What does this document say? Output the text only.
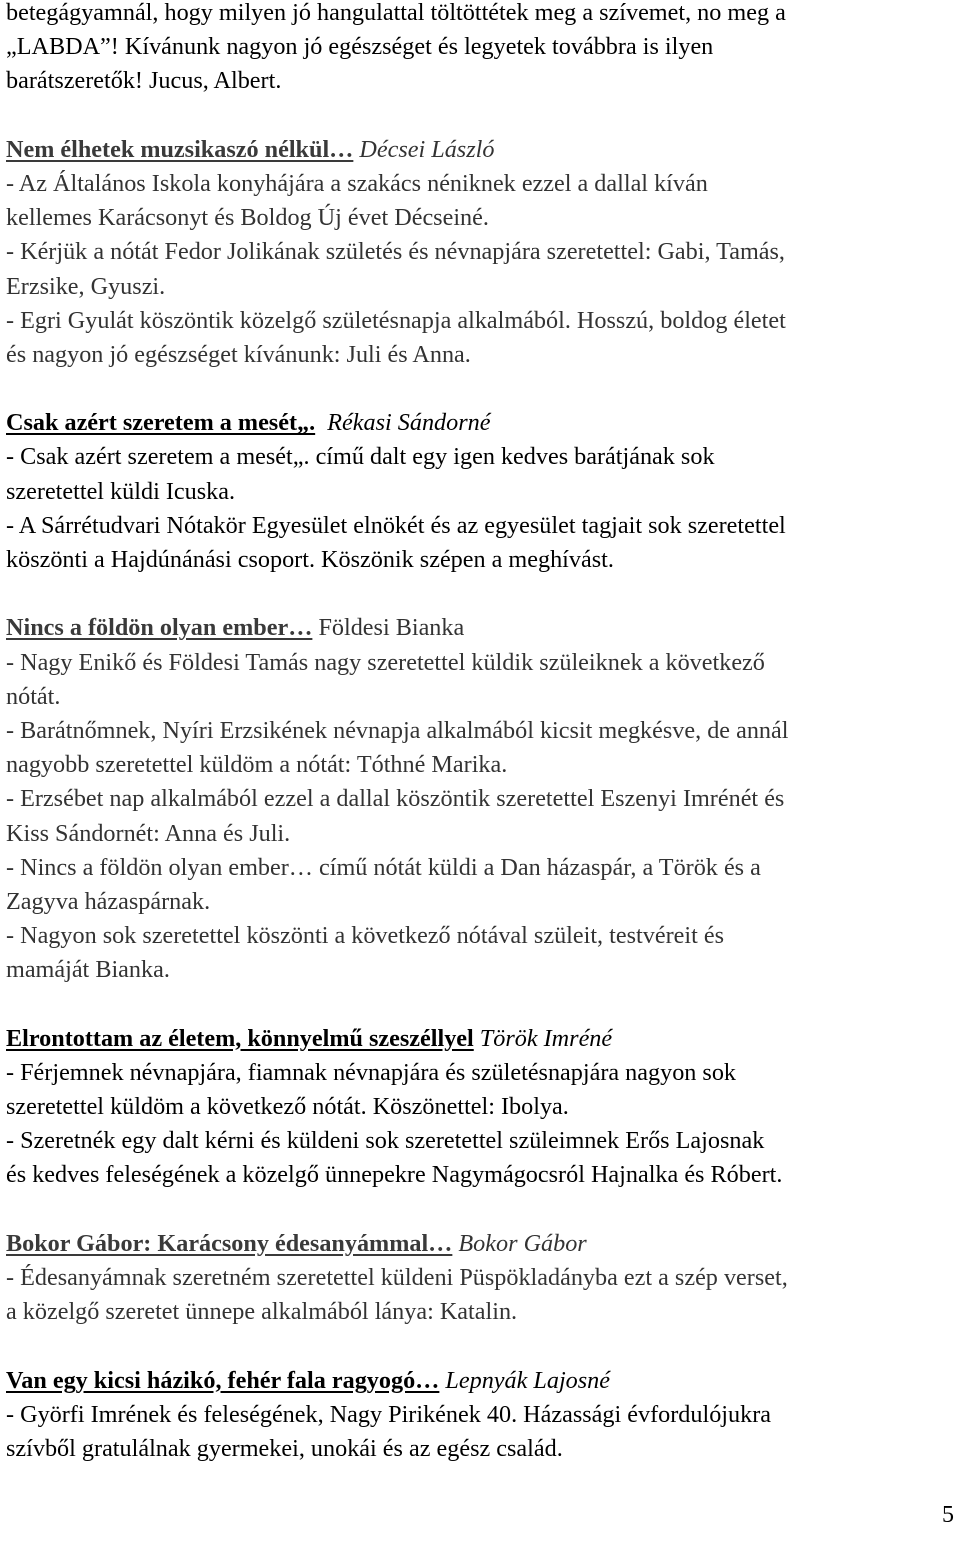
betegágyamnál, hogy milyen jó hangulattal töltöttétek meg a szívemet, no meg a
„LABDA”! Kívánunk nagyon jó egészséget és legyetek továbbra is ilyen
barátszeretők! Jucus, Albert.
Nem élhetek muzsikaszó nélkül… Décsei László
- Az Általános Iskola konyhájára a szakács néniknek ezzel a dallal kíván
kellemes Karácsonyt és Boldog Új évet Décseiné.
- Kérjük a nótát Fedor Jolikának születés és névnapjára szeretettel: Gabi, Tamás,
Erzsike, Gyuszi.
- Egri Gyulát köszöntik közelgő születésnapja alkalmából. Hosszú, boldog életet
és nagyon jó egészséget kívánunk: Juli és Anna.
Csak azért szeretem a mesét„. Rékasi Sándorné
- Csak azért szeretem a mesét„. című dalt egy igen kedves barátjának sok
szeretettel küldi Icuska.
- A Sárrétudvari Nótakör Egyesület elnökét és az egyesület tagjait sok szeretettel
köszönti a Hajdúnánási csoport. Köszönik szépen a meghívást.
Nincs a földön olyan ember… Földesi Bianka
- Nagy Enikő és Földesi Tamás nagy szeretettel küldik szüleiknek a következő
nótát.
- Barátnőmnek, Nyíri Erzsikének névnapja alkalmából kicsit megkésve, de annál
nagyobb szeretettel küldöm a nótát: Tóthné Marika.
- Erzsébet nap alkalmából ezzel a dallal köszöntik szeretettel Eszenyi Imrénét és
Kiss Sándornét: Anna és Juli.
- Nincs a földön olyan ember… című nótát küldi a Dan házaspár, a Török és a
Zagyva házaspárnak.
- Nagyon sok szeretettel köszönti a következő nótával szüleit, testvéreit és
mamáját Bianka.
Elrontottam az életem, könnyelmű szeszéllyel Török Imréné
- Férjemnek névnapjára, fiamnak névnapjára és születésnapjára nagyon sok
szeretettel küldöm a következő nótát. Köszönettel: Ibolya.
- Szeretnék egy dalt kérni és küldeni sok szeretettel szüleimnek Erős Lajosnak
és kedves feleségének a közelgő ünnepekre Nagymágocsról Hajnalka és Róbert.
Bokor Gábor: Karácsony édesanyámmal… Bokor Gábor
- Édesanyámnak szeretném szeretettel küldeni Püspökladányba ezt a szép verset,
a közelgő szeretet ünnepe alkalmából lánya: Katalin.
Van egy kicsi házikó, fehér fala ragyogó… Lepnyák Lajosné
- Györfi Imrének és feleségének, Nagy Pirikének 40. Házassági évfordulójukra
szívből gratulálnak gyermekei, unokái és az egész család.
5
